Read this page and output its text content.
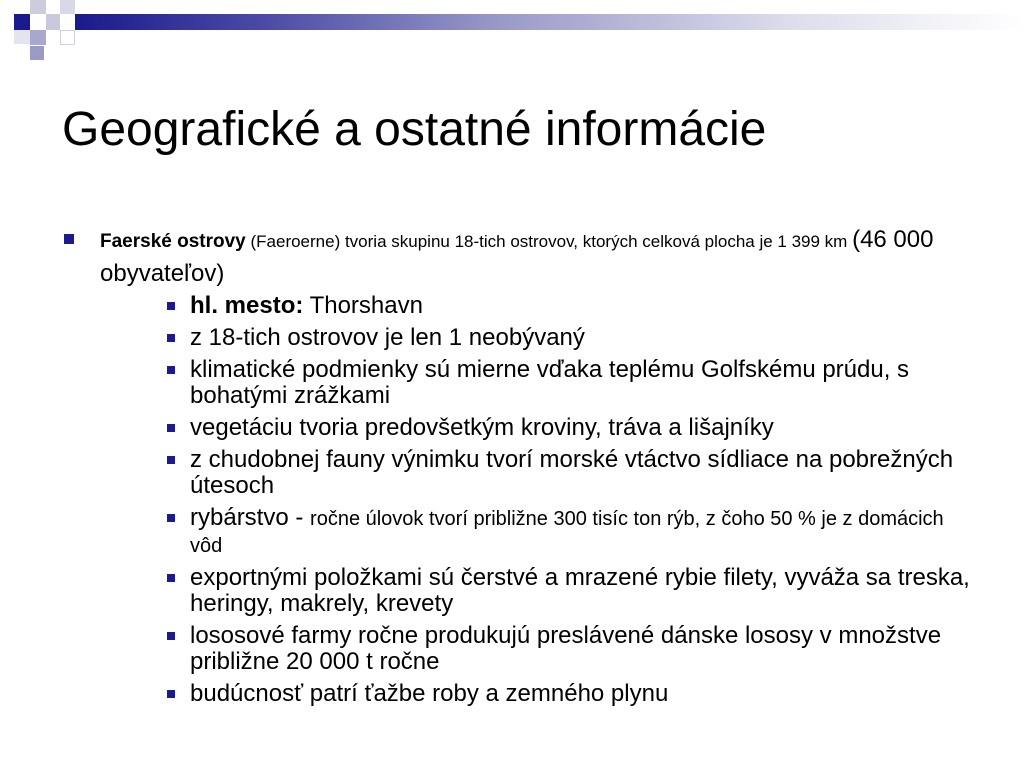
Geografické a ostatné informácie
Faerské ostrovy (Faeroerne) tvoria skupinu 18-tich ostrovov, ktorých celková plocha je 1 399 km (46 000 obyvateľov)
hl. mesto: Thorshavn
z 18-tich ostrovov je len 1 neobývaný
klimatické podmienky sú mierne vďaka teplému Golfskému prúdu, s bohatými zrážkami
vegetáciu tvoria predovšetkým kroviny, tráva a lišajníky
z chudobnej fauny výnimku tvorí morské vtáctvo sídliace na pobrežných útesoch
rybárstvo - ročne úlovok tvorí približne 300 tisíc ton rýb, z čoho 50 % je z domácich vôd
exportnými položkami sú čerstvé a mrazené rybie filety, vyváža sa treska, heringy, makrely, krevety
lososové farmy ročne produkujú preslávené dánske lososy v množstve približne 20 000 t ročne
budúcnosť patrí ťažbe roby a zemného plynu
